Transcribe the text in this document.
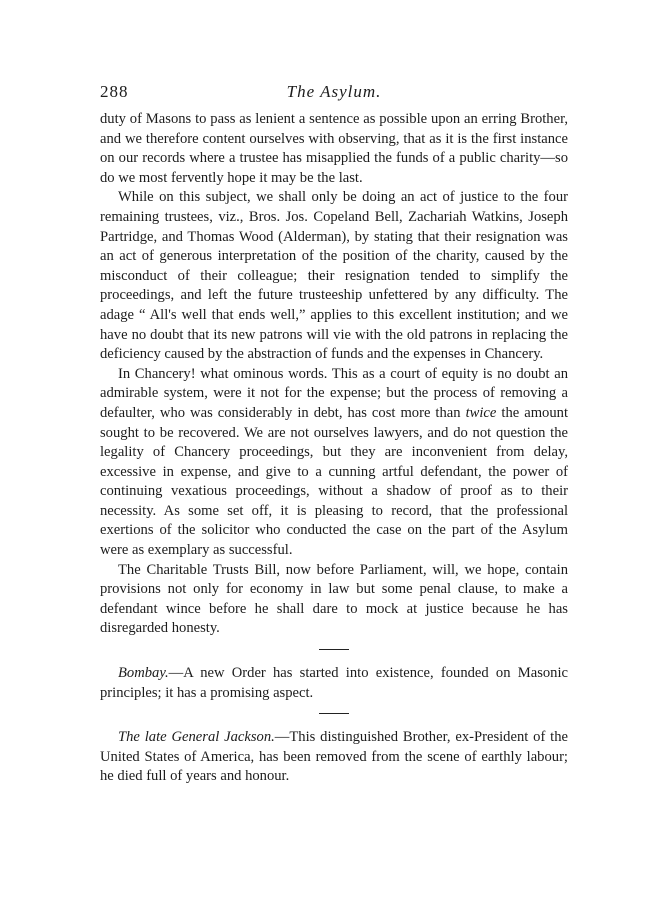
288	The Asylum.

duty of Masons to pass as lenient a sentence as possible upon an erring Brother, and we therefore content ourselves with observing, that as it is the first instance on our records where a trustee has misapplied the funds of a public charity—so do we most fervently hope it may be the last.

While on this subject, we shall only be doing an act of justice to the four remaining trustees, viz., Bros. Jos. Copeland Bell, Zachariah Watkins, Joseph Partridge, and Thomas Wood (Alderman), by stating that their resignation was an act of generous interpretation of the position of the charity, caused by the misconduct of their colleague; their resignation tended to simplify the proceedings, and left the future trusteeship unfettered by any difficulty. The adage “ All's well that ends well,” applies to this excellent institution; and we have no doubt that its new patrons will vie with the old patrons in replacing the deficiency caused by the abstraction of funds and the expenses in Chancery.

In Chancery! what ominous words. This as a court of equity is no doubt an admirable system, were it not for the expense; but the process of removing a defaulter, who was considerably in debt, has cost more than twice the amount sought to be recovered. We are not ourselves lawyers, and do not question the legality of Chancery proceedings, but they are inconvenient from delay, excessive in expense, and give to a cunning artful defendant, the power of continuing vexatious proceedings, without a shadow of proof as to their necessity. As some set off, it is pleasing to record, that the professional exertions of the solicitor who conducted the case on the part of the Asylum were as exemplary as successful.

The Charitable Trusts Bill, now before Parliament, will, we hope, contain provisions not only for economy in law but some penal clause, to make a defendant wince before he shall dare to mock at justice because he has disregarded honesty.

Bombay.—A new Order has started into existence, founded on Masonic principles; it has a promising aspect.

The late General Jackson.—This distinguished Brother, ex-President of the United States of America, has been removed from the scene of earthly labour; he died full of years and honour.
